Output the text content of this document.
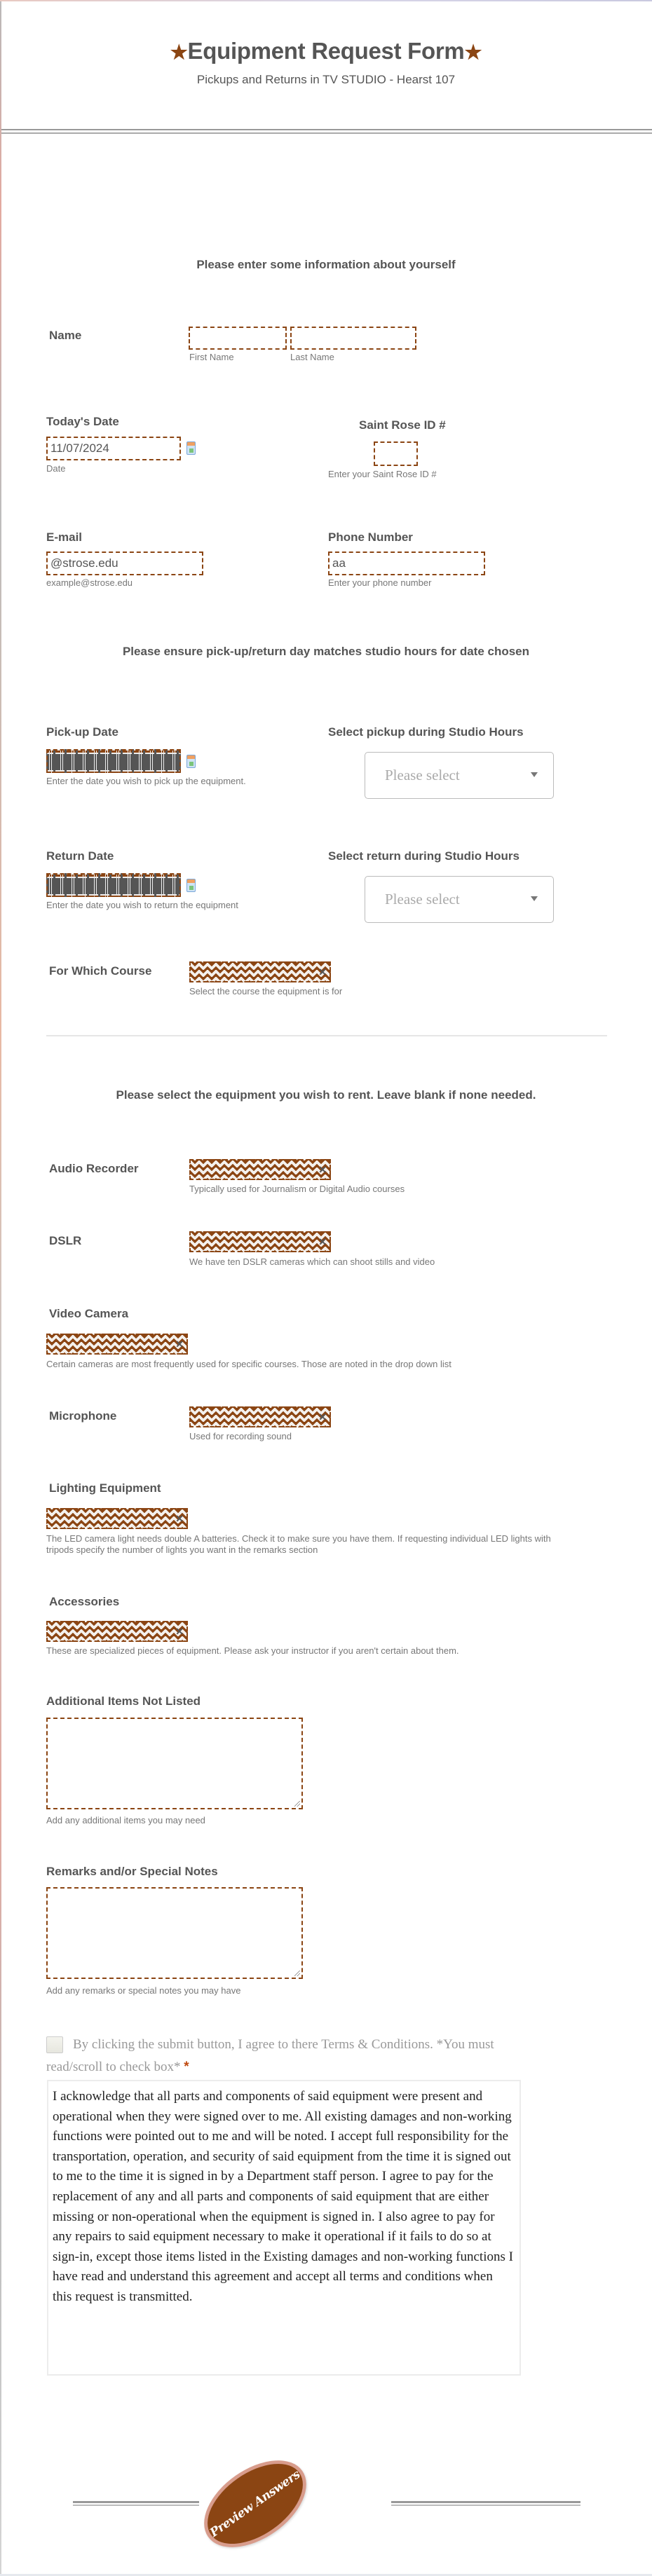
★Equipment Request Form★
Pickups and Returns in TV STUDIO - Hearst 107
Please enter some information about yourself
Name
First Name	Last Name
Today's Date
11/07/2024
Date
Saint Rose ID #
Enter your Saint Rose ID #
E-mail
@strose.edu
example@strose.edu
Phone Number
aa
Enter your phone number
Please ensure pick-up/return day matches studio hours for date chosen
Pick-up Date
Enter the date you wish to pick up the equipment.
Select pickup during Studio Hours
Please select
Return Date
Enter the date you wish to return the equipment
Select return during Studio Hours
Please select
For Which Course	✕
Select the course the equipment is for
Please select the equipment you wish to rent. Leave blank if none needed.
Audio Recorder	✕
Typically used for Journalism or Digital Audio courses
DSLR	✕
We have ten DSLR cameras which can shoot stills and video
Video Camera
✕
Certain cameras are most frequently used for specific courses. Those are noted in the drop down list
Microphone	✕
Used for recording sound
Lighting Equipment
✕
The LED camera light needs double A batteries. Check it to make sure you have them. If requesting individual LED lights with tripods specify the number of lights you want in the remarks section
Accessories
✕
These are specialized pieces of equipment. Please ask your instructor if you aren't certain about them.
Additional Items Not Listed
Add any additional items you may need
Remarks and/or Special Notes
Add any remarks or special notes you may have
By clicking the submit button, I agree to there Terms & Conditions. *You must read/scroll to check box* *
I acknowledge that all parts and components of said equipment were present and operational when they were signed over to me. All existing damages and non-working functions were pointed out to me and will be noted. I accept full responsibility for the transportation, operation, and security of said equipment from the time it is signed out to me to the time it is signed in by a Department staff person. I agree to pay for the replacement of any and all parts and components of said equipment that are either missing or non-operational when the equipment is signed in. I also agree to pay for any repairs to said equipment necessary to make it operational if it fails to do so at sign-in, except those items listed in the Existing damages and non-working functions I have read and understand this agreement and accept all terms and conditions when this request is transmitted.
Preview Answers
